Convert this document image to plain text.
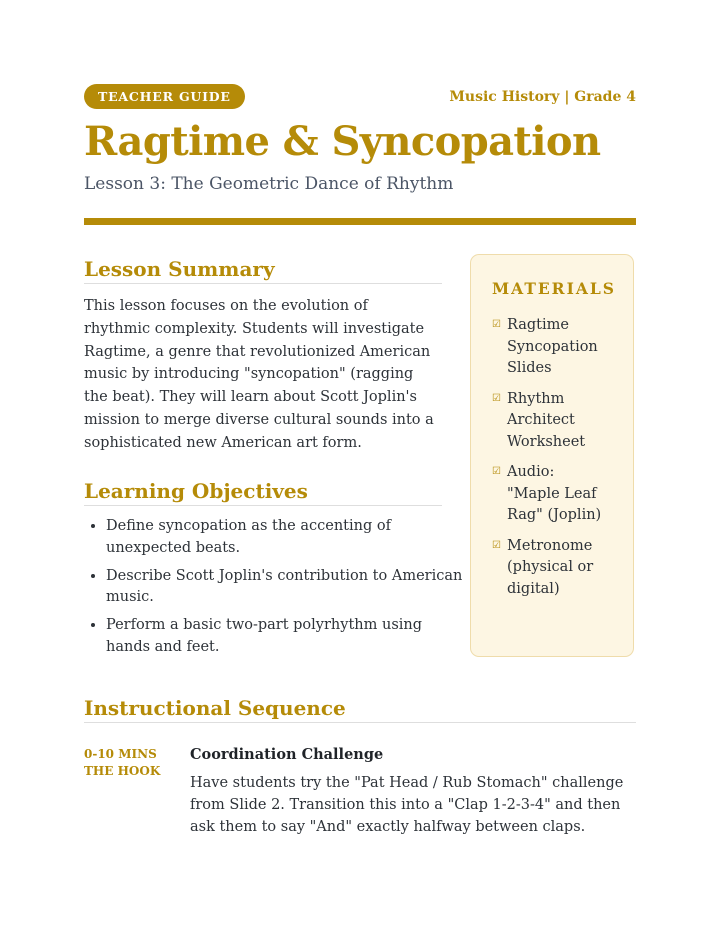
TEACHER GUIDE	Music History | Grade 4
Ragtime & Syncopation
Lesson 3: The Geometric Dance of Rhythm
Lesson Summary

This lesson focuses on the evolution of rhythmic complexity. Students will investigate Ragtime, a genre that revolutionized American music by introducing "syncopation" (ragging the beat). They will learn about Scott Joplin's mission to merge diverse cultural sounds into a sophisticated new American art form.

Learning Objectives
• Define syncopation as the accenting of unexpected beats.
• Describe Scott Joplin's contribution to American music.
• Perform a basic two-part polyrhythm using hands and feet.
MATERIALS
☑ Ragtime Syncopation Slides
☑ Rhythm Architect Worksheet
☑ Audio: "Maple Leaf Rag" (Joplin)
☑ Metronome (physical or digital)
Instructional Sequence
0-10 MINS
THE HOOK
Coordination Challenge

Have students try the "Pat Head / Rub Stomach" challenge from Slide 2. Transition this into a "Clap 1-2-3-4" and then ask them to say "And" exactly halfway between claps.
